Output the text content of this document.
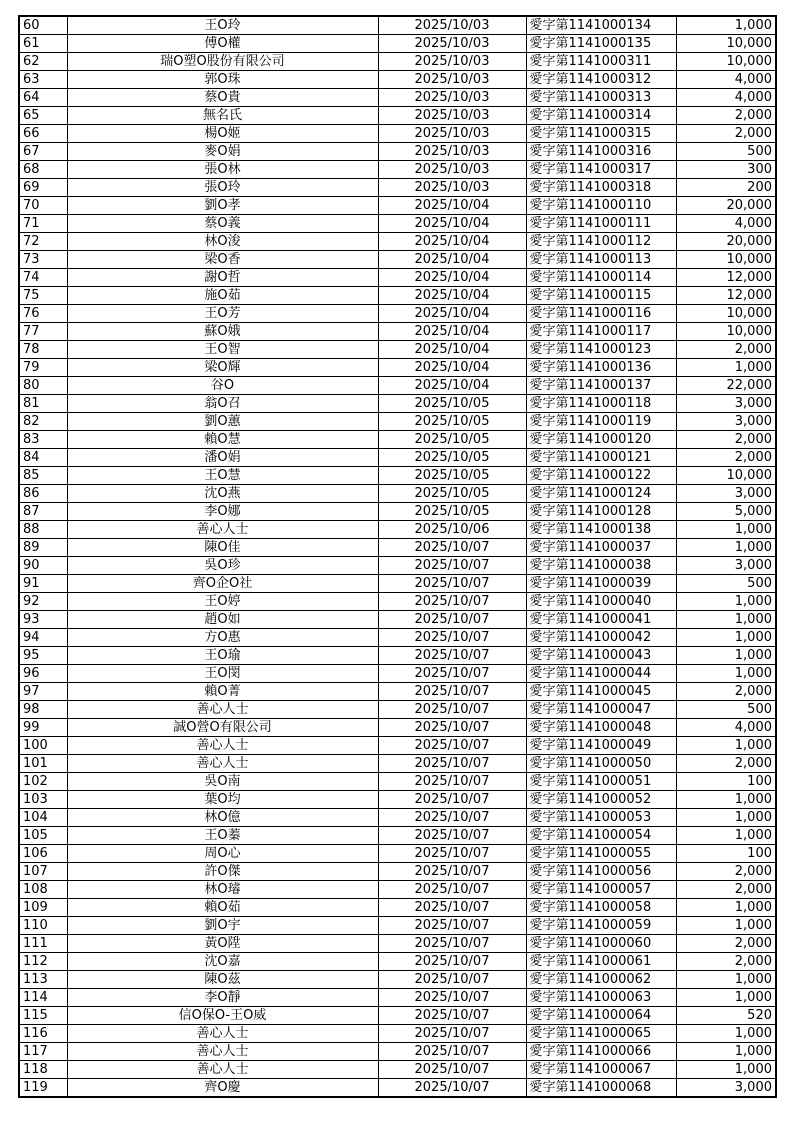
60	王O玲	2025/10/03	愛字第1141000134	1,000
61	傅O權	2025/10/03	愛字第1141000135	10,000
62	瑞O塑O股份有限公司	2025/10/03	愛字第1141000311	10,000
63	郭O珠	2025/10/03	愛字第1141000312	4,000
64	蔡O貴	2025/10/03	愛字第1141000313	4,000
65	無名氏	2025/10/03	愛字第1141000314	2,000
66	楊O姬	2025/10/03	愛字第1141000315	2,000
67	麥O娟	2025/10/03	愛字第1141000316	500
68	張O林	2025/10/03	愛字第1141000317	300
69	張O玲	2025/10/03	愛字第1141000318	200
70	劉O孝	2025/10/04	愛字第1141000110	20,000
71	蔡O義	2025/10/04	愛字第1141000111	4,000
72	林O浚	2025/10/04	愛字第1141000112	20,000
73	梁O香	2025/10/04	愛字第1141000113	10,000
74	謝O哲	2025/10/04	愛字第1141000114	12,000
75	施O茹	2025/10/04	愛字第1141000115	12,000
76	王O芳	2025/10/04	愛字第1141000116	10,000
77	蘇O娥	2025/10/04	愛字第1141000117	10,000
78	王O智	2025/10/04	愛字第1141000123	2,000
79	梁O輝	2025/10/04	愛字第1141000136	1,000
80	谷O	2025/10/04	愛字第1141000137	22,000
81	翁O召	2025/10/05	愛字第1141000118	3,000
82	劉O蕙	2025/10/05	愛字第1141000119	3,000
83	賴O慧	2025/10/05	愛字第1141000120	2,000
84	潘O娟	2025/10/05	愛字第1141000121	2,000
85	王O慧	2025/10/05	愛字第1141000122	10,000
86	沈O燕	2025/10/05	愛字第1141000124	3,000
87	李O娜	2025/10/05	愛字第1141000128	5,000
88	善心人士	2025/10/06	愛字第1141000138	1,000
89	陳O佳	2025/10/07	愛字第1141000037	1,000
90	吳O珍	2025/10/07	愛字第1141000038	3,000
91	齊O企O社	2025/10/07	愛字第1141000039	500
92	王O婷	2025/10/07	愛字第1141000040	1,000
93	趙O如	2025/10/07	愛字第1141000041	1,000
94	方O惠	2025/10/07	愛字第1141000042	1,000
95	王O瑜	2025/10/07	愛字第1141000043	1,000
96	王O閔	2025/10/07	愛字第1141000044	1,000
97	賴O菁	2025/10/07	愛字第1141000045	2,000
98	善心人士	2025/10/07	愛字第1141000047	500
99	誠O營O有限公司	2025/10/07	愛字第1141000048	4,000
100	善心人士	2025/10/07	愛字第1141000049	1,000
101	善心人士	2025/10/07	愛字第1141000050	2,000
102	吳O南	2025/10/07	愛字第1141000051	100
103	葉O均	2025/10/07	愛字第1141000052	1,000
104	林O億	2025/10/07	愛字第1141000053	1,000
105	王O蓁	2025/10/07	愛字第1141000054	1,000
106	周O心	2025/10/07	愛字第1141000055	100
107	許O傑	2025/10/07	愛字第1141000056	2,000
108	林O璿	2025/10/07	愛字第1141000057	2,000
109	賴O茹	2025/10/07	愛字第1141000058	1,000
110	劉O宇	2025/10/07	愛字第1141000059	1,000
111	黃O陞	2025/10/07	愛字第1141000060	2,000
112	沈O嘉	2025/10/07	愛字第1141000061	2,000
113	陳O茲	2025/10/07	愛字第1141000062	1,000
114	李O靜	2025/10/07	愛字第1141000063	1,000
115	信O保O-王O威	2025/10/07	愛字第1141000064	520
116	善心人士	2025/10/07	愛字第1141000065	1,000
117	善心人士	2025/10/07	愛字第1141000066	1,000
118	善心人士	2025/10/07	愛字第1141000067	1,000
119	齊O慶	2025/10/07	愛字第1141000068	3,000
